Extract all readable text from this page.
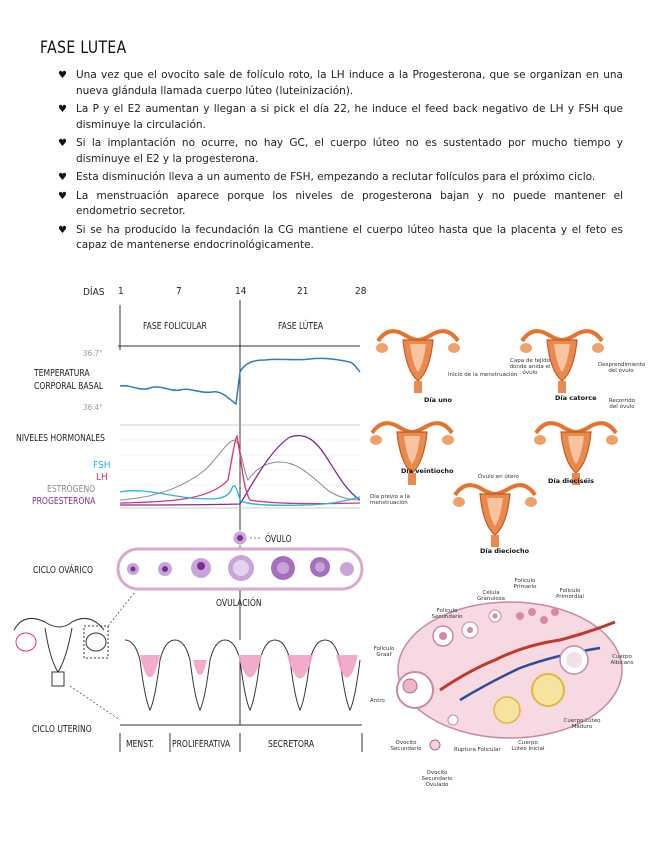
FASE LUTEA
♥ Una vez que el ovocito sale de folículo roto, la LH induce a la Progesterona, que se organizan en una nueva glándula llamada cuerpo lúteo (luteinización).
♥ La P y el E2 aumentan y llegan a si pick el día 22, he induce el feed back negativo de LH y FSH que disminuye la circulación.
♥ Si la implantación no ocurre, no hay GC, el cuerpo lúteo no es sustentado por mucho tiempo y disminuye el E2 y la progesterona.
♥ Esta disminución lleva a un aumento de FSH, empezando a reclutar folículos para el próximo ciclo.
♥ La menstruación aparece porque los niveles de progesterona bajan y no puede mantener el endometrio secretor.
♥ Si se ha producido la fecundación la CG mantiene el cuerpo lúteo hasta que la placenta y el feto es capaz de mantenerse endocrinológicamente.
DÍAS 1	7	14	21	28
FASE FOLICULAR	FASE LÚTEA
36.7°
36.4°
TEMPERATURA
CORPORAL BASAL
NIVELES HORMONALES
FSH
LH
ESTRÓGENO
PROGESTERONA
ÓVULO
CICLO OVÁRICO
OVULACIÓN
CICLO UTERINO
MENST. PROLIFERATIVA	SECRETORA
Día uno
Inicio de la menstruación
Día catorce
Capa de tejido donde anida el óvulo
Desprendimiento del óvulo
Recorrido del óvulo
Día veintiocho
Día previo a la menstruación
Día dieciséis
Óvulo en útero
Día dieciocho
Célula Granulosa
Folículo Secundario
Folículo Primario
Folículo Primordial
Folículo Graaf	Cuerpo Albicans
Antro
Cuerpo Lúteo Maduro
Ovocito Secundario	Ruptura Folicular
Cuerpo Lúteo Inicial
Ovocito Secundario Ovulado
